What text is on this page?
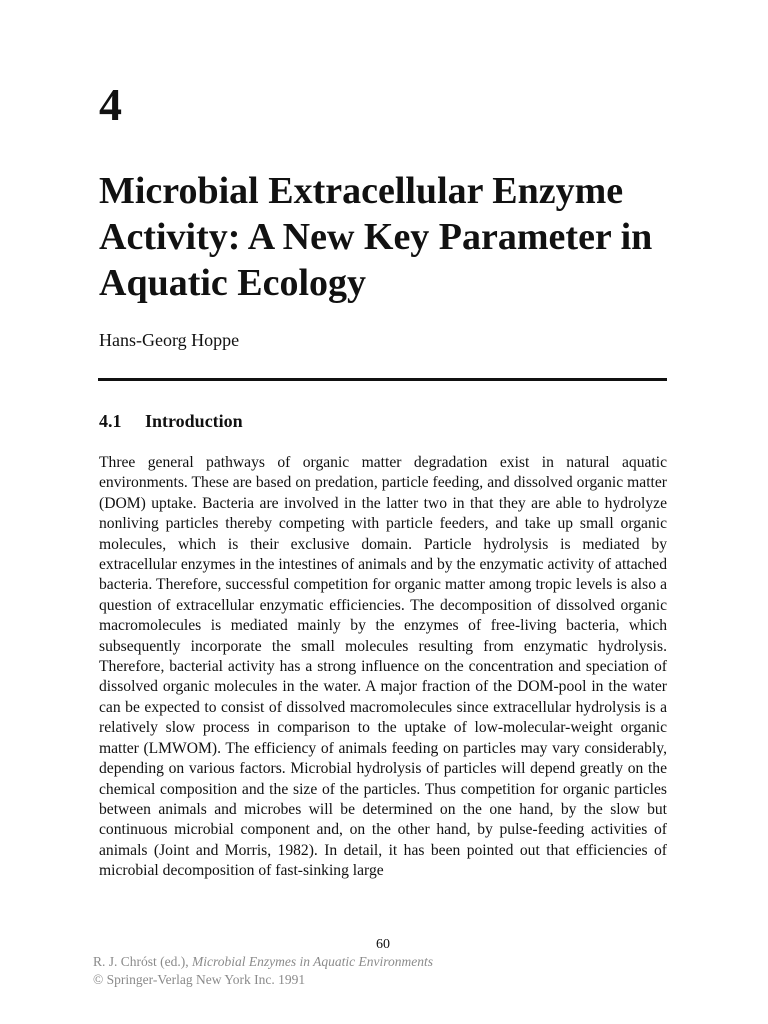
4
Microbial Extracellular Enzyme Activity: A New Key Parameter in Aquatic Ecology
Hans-Georg Hoppe
4.1 Introduction

Three general pathways of organic matter degradation exist in natural aquatic environments. These are based on predation, particle feeding, and dissolved organic matter (DOM) uptake. Bacteria are involved in the latter two in that they are able to hydrolyze nonliving particles thereby competing with particle feeders, and take up small organic molecules, which is their exclusive domain. Particle hydrolysis is mediated by extracellular enzymes in the intestines of animals and by the enzymatic activity of attached bacteria. Therefore, successful competition for organic matter among tropic levels is also a question of extracellular enzymatic efficiencies. The decomposition of dissolved organic macromolecules is mediated mainly by the enzymes of free-living bacteria, which subsequently incorporate the small molecules resulting from enzymatic hydrolysis. Therefore, bacterial activity has a strong influence on the concentration and speciation of dissolved organic molecules in the water. A major fraction of the DOM-pool in the water can be expected to consist of dissolved macromolecules since extracellular hydrolysis is a relatively slow process in comparison to the uptake of low-molecular-weight organic matter (LMWOM). The efficiency of animals feeding on particles may vary considerably, depending on various factors. Microbial hydrolysis of particles will depend greatly on the chemical composition and the size of the particles. Thus competition for organic particles between animals and microbes will be determined on the one hand, by the slow but continuous microbial component and, on the other hand, by pulse-feeding activities of animals (Joint and Morris, 1982). In detail, it has been pointed out that efficiencies of microbial decomposition of fast-sinking large

60
R. J. Chróst (ed.), Microbial Enzymes in Aquatic Environments
© Springer-Verlag New York Inc. 1991
